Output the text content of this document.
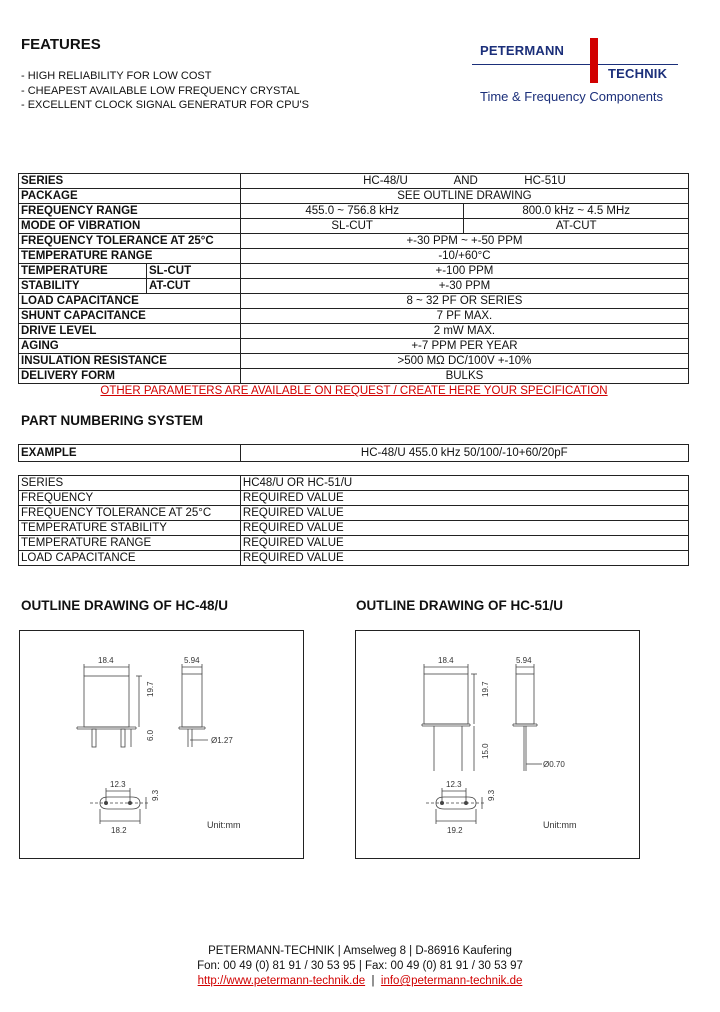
FEATURES
- HIGH RELIABILITY FOR LOW COST
- CHEAPEST AVAILABLE LOW FREQUENCY CRYSTAL
- EXCELLENT CLOCK SIGNAL GENERATUR FOR CPU'S
PETERMANN
TECHNIK
Time & Frequency Components
SERIES		HC-48/U AND HC-51U	
PACKAGE		SEE OUTLINE DRAWING	
FREQUENCY RANGE		455.0 ~ 756.8 kHz	800.0 kHz ~ 4.5 MHz
MODE OF VIBRATION		SL-CUT	AT-CUT
FREQUENCY TOLERANCE AT 25°C		+-30 PPM ~ +-50 PPM	
TEMPERATURE RANGE		-10/+60°C	
TEMPERATURE	SL-CUT	+-100 PPM	
STABILITY	AT-CUT	+-30 PPM	
LOAD CAPACITANCE		8 ~ 32 PF OR SERIES	
SHUNT CAPACITANCE		7 PF MAX.	
DRIVE LEVEL		2 mW MAX.	
AGING		+-7 PPM PER YEAR	
INSULATION RESISTANCE		>500 MΩ DC/100V +-10%	
DELIVERY FORM		BULKS	
OTHER PARAMETERS ARE AVAILABLE ON REQUEST / CREATE HERE YOUR SPECIFICATION
PART NUMBERING SYSTEM
EXAMPLE	HC-48/U 455.0 kHz 50/100/-10+60/20pF
SERIES	HC48/U OR HC-51/U
FREQUENCY	REQUIRED VALUE
FREQUENCY TOLERANCE AT 25°C	REQUIRED VALUE
TEMPERATURE STABILITY	REQUIRED VALUE
TEMPERATURE RANGE	REQUIRED VALUE
LOAD CAPACITANCE	REQUIRED VALUE
OUTLINE DRAWING OF HC-48/U	OUTLINE DRAWING OF HC-51/U
18.4	5.94
19.7
6.0	Ø1.27
12.3
9.3
18.2
Unit:mm
18.4	5.94
19.7
15.0
Ø0.70
12.3
9.3
19.2
Unit:mm
PETERMANN-TECHNIK | Amselweg 8 | D-86916 Kaufering
Fon: 00 49 (0) 81 91 / 30 53 95 | Fax: 00 49 (0) 81 91 / 30 53 97
http://www.petermann-technik.de  |  info@petermann-technik.de
